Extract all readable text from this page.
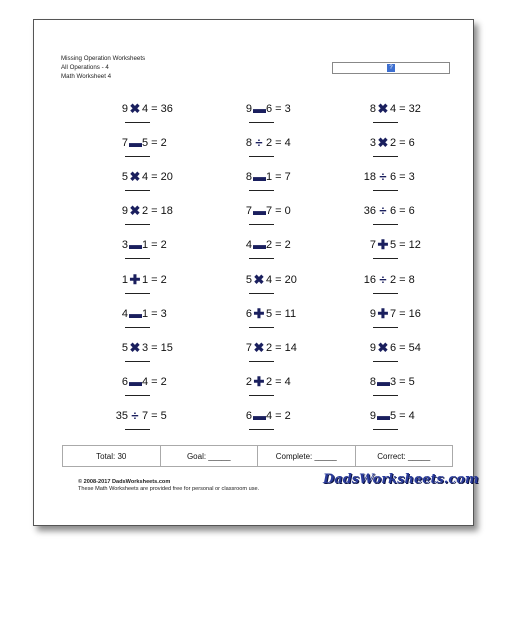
Missing Operation Worksheets
All Operations - 4
Math Worksheet 4
?
9 ✖ 4 = 36
7 ▬ 5 = 2
5 ✖ 4 = 20
9 ✖ 2 = 18
3 ▬ 1 = 2
1 ✚ 1 = 2
4 ▬ 1 = 3
5 ✖ 3 = 15
6 ▬ 4 = 2
35 ÷ 7 = 5
9 ▬ 6 = 3
8 ÷ 2 = 4
8 ▬ 1 = 7
7 ▬ 7 = 0
4 ▬ 2 = 2
5 ✖ 4 = 20
6 ✚ 5 = 11
7 ✖ 2 = 14
2 ✚ 2 = 4
6 ▬ 4 = 2
8 ✖ 4 = 32
3 ✖ 2 = 6
18 ÷ 6 = 3
36 ÷ 6 = 6
7 ✚ 5 = 12
16 ÷ 2 = 8
9 ✚ 7 = 16
9 ✖ 6 = 54
8 ▬ 3 = 5
9 ▬ 5 = 4
Total: 30	Goal: _____	Complete: _____	Correct: _____
© 2008-2017 DadsWorksheets.com
These Math Worksheets are provided free for personal or classroom use.
DadsWorksheets.com
